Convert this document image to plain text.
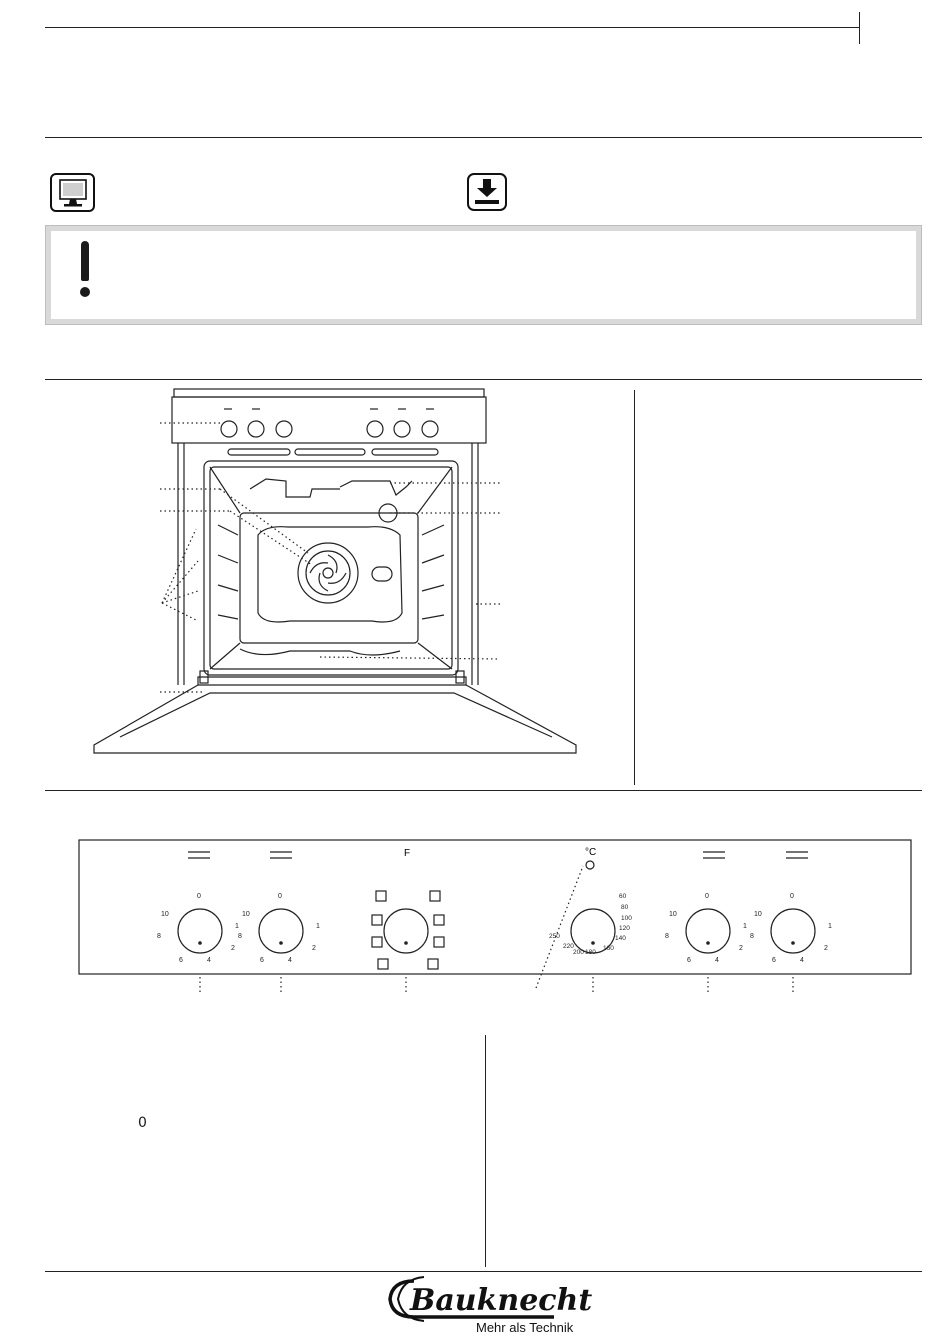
F	°C
0
10
8
6	4
2
1
0
10
8
6	4
2
1
60
80
100
120
140
160
180
200
220
250
0
10
8
6	4
2
1
0
10
8
6	4
2
1
0
Bauknecht
Mehr als Technik
